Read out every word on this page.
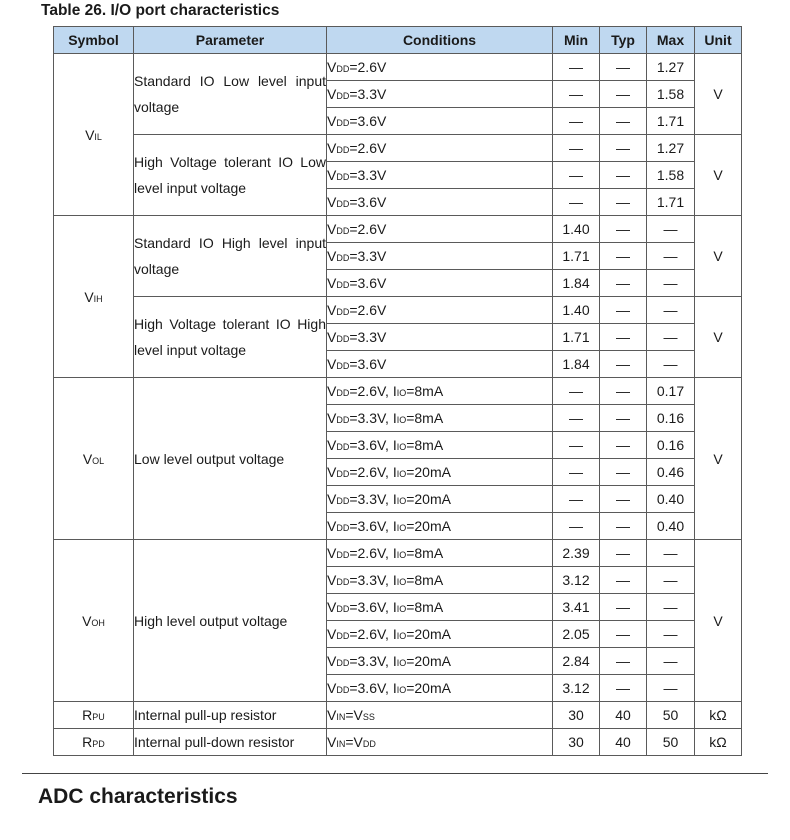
Table 26. I/O port characteristics
Symbol	Parameter	Conditions	Min	Typ	Max	Unit
VIL	Standard IO Low level input voltage	VDD=2.6V	—	—	1.27	V
		VDD=3.3V	—	—	1.58	
		VDD=3.6V	—	—	1.71	
	High Voltage tolerant IO Low level input voltage	VDD=2.6V	—	—	1.27	V
		VDD=3.3V	—	—	1.58	
		VDD=3.6V	—	—	1.71	
VIH	Standard IO High level input voltage	VDD=2.6V	1.40	—	—	V
		VDD=3.3V	1.71	—	—	
		VDD=3.6V	1.84	—	—	
	High Voltage tolerant IO High level input voltage	VDD=2.6V	1.40	—	—	V
		VDD=3.3V	1.71	—	—	
		VDD=3.6V	1.84	—	—	
VOL	Low level output voltage	VDD=2.6V, IIO=8mA	—	—	0.17	V
		VDD=3.3V, IIO=8mA	—	—	0.16	
		VDD=3.6V, IIO=8mA	—	—	0.16	
		VDD=2.6V, IIO=20mA	—	—	0.46	
		VDD=3.3V, IIO=20mA	—	—	0.40	
		VDD=3.6V, IIO=20mA	—	—	0.40	
VOH	High level output voltage	VDD=2.6V, IIO=8mA	2.39	—	—	V
		VDD=3.3V, IIO=8mA	3.12	—	—	
		VDD=3.6V, IIO=8mA	3.41	—	—	
		VDD=2.6V, IIO=20mA	2.05	—	—	
		VDD=3.3V, IIO=20mA	2.84	—	—	
		VDD=3.6V, IIO=20mA	3.12	—	—	
RPU	Internal pull-up resistor	VIN=VSS	30	40	50	kΩ
RPD	Internal pull-down resistor	VIN=VDD	30	40	50	kΩ
ADC characteristics
